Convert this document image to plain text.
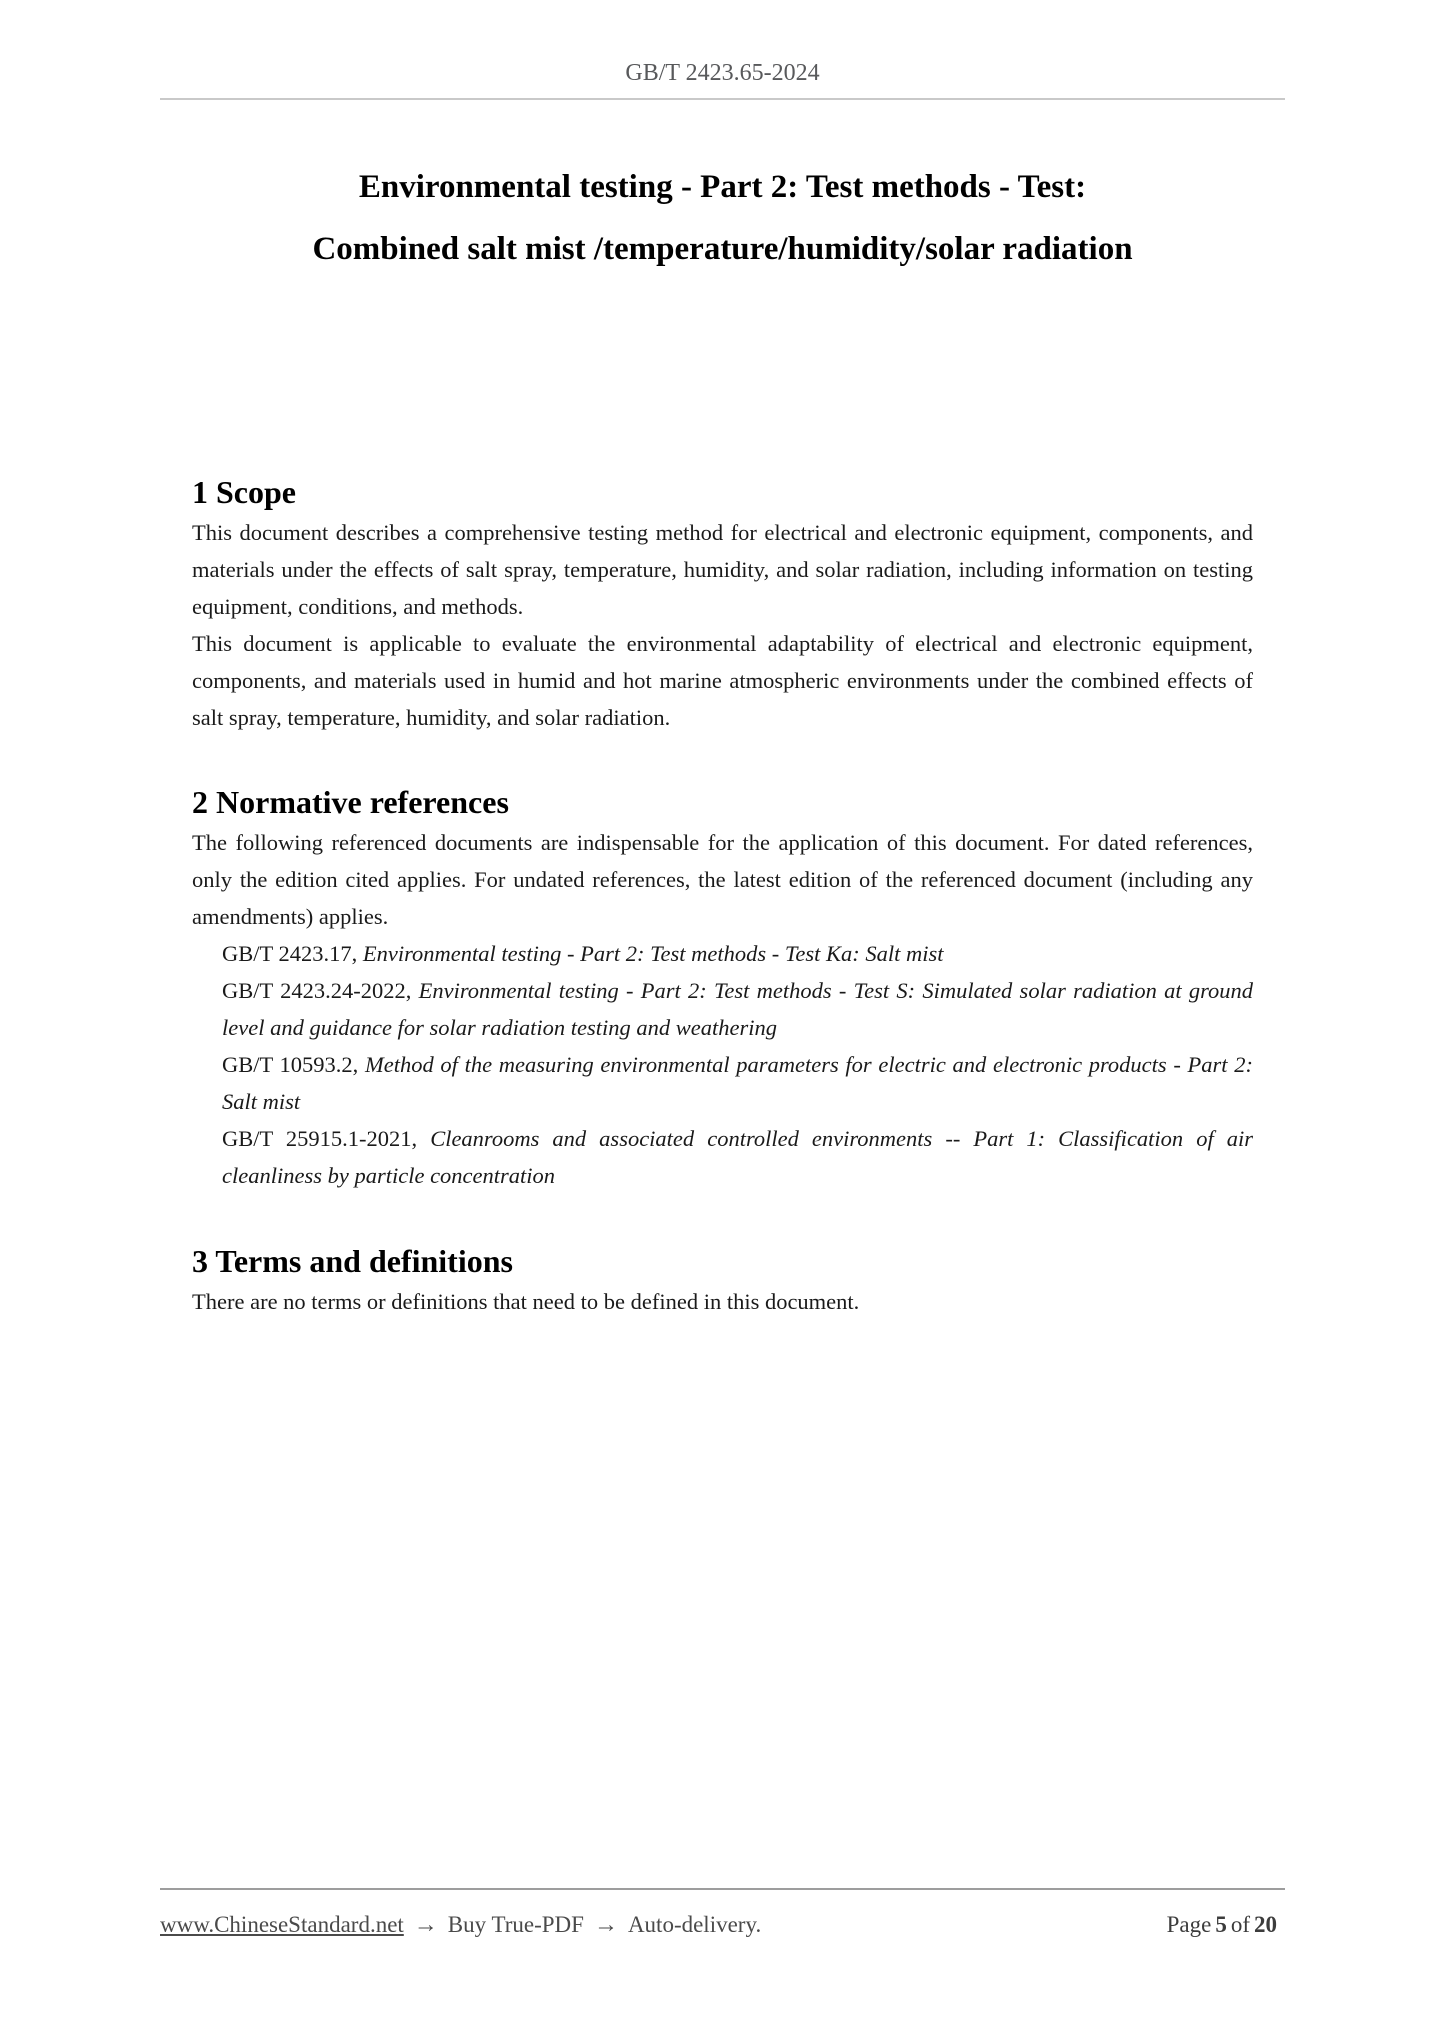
GB/T 2423.65-2024
Environmental testing - Part 2: Test methods - Test:
Combined salt mist /temperature/humidity/solar radiation
1 Scope

This document describes a comprehensive testing method for electrical and electronic equipment, components, and materials under the effects of salt spray, temperature, humidity, and solar radiation, including information on testing equipment, conditions, and methods.

This document is applicable to evaluate the environmental adaptability of electrical and electronic equipment, components, and materials used in humid and hot marine atmospheric environments under the combined effects of salt spray, temperature, humidity, and solar radiation.

2 Normative references

The following referenced documents are indispensable for the application of this document. For dated references, only the edition cited applies. For undated references, the latest edition of the referenced document (including any amendments) applies.

GB/T 2423.17, Environmental testing - Part 2: Test methods - Test Ka: Salt mist

GB/T 2423.24-2022, Environmental testing - Part 2: Test methods - Test S: Simulated solar radiation at ground level and guidance for solar radiation testing and weathering

GB/T 10593.2, Method of the measuring environmental parameters for electric and electronic products - Part 2: Salt mist

GB/T 25915.1-2021, Cleanrooms and associated controlled environments -- Part 1: Classification of air cleanliness by particle concentration

3 Terms and definitions

There are no terms or definitions that need to be defined in this document.

www.ChineseStandard.net → Buy True-PDF → Auto-delivery.	Page 5 of 20
